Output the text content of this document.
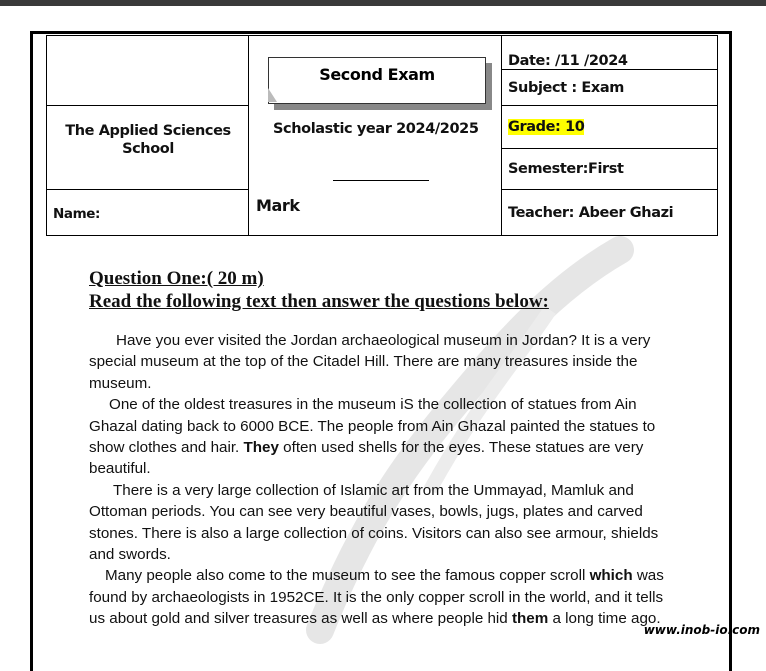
The Applied Sciences School
Name:
Second Exam
Scholastic year 2024/2025
Mark
Date: /11 /2024
Subject : Exam
Grade: 10
Semester:First
Teacher: Abeer Ghazi
Question One:( 20 m)
Read the following text then answer the questions below:

Have you ever visited the Jordan archaeological museum in Jordan? It is a very special museum at the top of the Citadel Hill. There are many treasures inside the museum.

One of the oldest treasures in the museum iS the collection of statues from Ain Ghazal dating back to 6000 BCE. The people from Ain Ghazal painted the statues to show clothes and hair. They often used shells for the eyes. These statues are very beautiful.

There is a very large collection of Islamic art from the Ummayad, Mamluk and Ottoman periods. You can see very beautiful vases, bowls, jugs, plates and carved stones. There is also a large collection of coins. Visitors can also see armour, shields and swords.

Many people also come to the museum to see the famous copper scroll which was found by archaeologists in 1952CE. It is the only copper scroll in the world, and it tells us about gold and silver treasures as well as where people hid them a long time ago.

www.inob-io.com
